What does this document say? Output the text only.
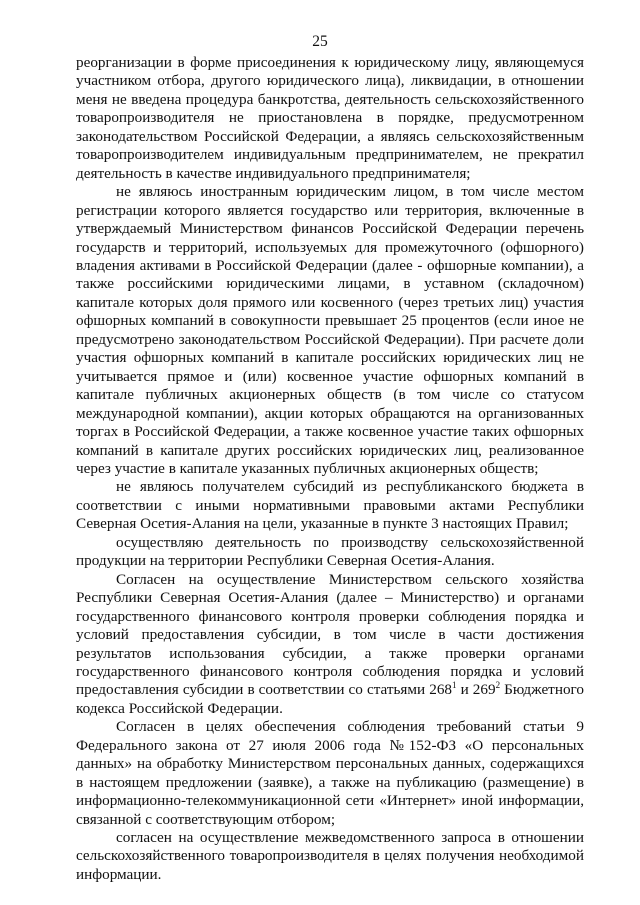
25

реорганизации в форме присоединения к юридическому лицу, являющемуся участником отбора, другого юридического лица), ликвидации, в отношении меня не введена процедура банкротства, деятельность сельскохозяйственного товаропроизводителя не приостановлена в порядке, предусмотренном законодательством Российской Федерации, а являясь сельскохозяйственным товаропроизводителем индивидуальным предпринимателем, не прекратил деятельность в качестве индивидуального предпринимателя;

не являюсь иностранным юридическим лицом, в том числе местом регистрации которого является государство или территория, включенные в утверждаемый Министерством финансов Российской Федерации перечень государств и территорий, используемых для промежуточного (офшорного) владения активами в Российской Федерации (далее - офшорные компании), а также российскими юридическими лицами, в уставном (складочном) капитале которых доля прямого или косвенного (через третьих лиц) участия офшорных компаний в совокупности превышает 25 процентов (если иное не предусмотрено законодательством Российской Федерации). При расчете доли участия офшорных компаний в капитале российских юридических лиц не учитывается прямое и (или) косвенное участие офшорных компаний в капитале публичных акционерных обществ (в том числе со статусом международной компании), акции которых обращаются на организованных торгах в Российской Федерации, а также косвенное участие таких офшорных компаний в капитале других российских юридических лиц, реализованное через участие в капитале указанных публичных акционерных обществ;

не являюсь получателем субсидий из республиканского бюджета в соответствии с иными нормативными правовыми актами Республики Северная Осетия-Алания на цели, указанные в пункте 3 настоящих Правил;

осуществляю деятельность по производству сельскохозяйственной продукции на территории Республики Северная Осетия-Алания.

Согласен на осуществление Министерством сельского хозяйства Республики Северная Осетия-Алания (далее – Министерство) и органами государственного финансового контроля проверки соблюдения порядка и условий предоставления субсидии, в том числе в части достижения результатов использования субсидии, а также проверки органами государственного финансового контроля соблюдения порядка и условий предоставления субсидии в соответствии со статьями $268^1$ и $269^2$ Бюджетного кодекса Российской Федерации.

Согласен в целях обеспечения соблюдения требований статьи 9 Федерального закона от 27 июля 2006 года №152-ФЗ «О персональных данных» на обработку Министерством персональных данных, содержащихся в настоящем предложении (заявке), а также на публикацию (размещение) в информационно-телекоммуникационной сети «Интернет» иной информации, связанной с соответствующим отбором;

согласен на осуществление межведомственного запроса в отношении сельскохозяйственного товаропроизводителя в целях получения необходимой информации.
